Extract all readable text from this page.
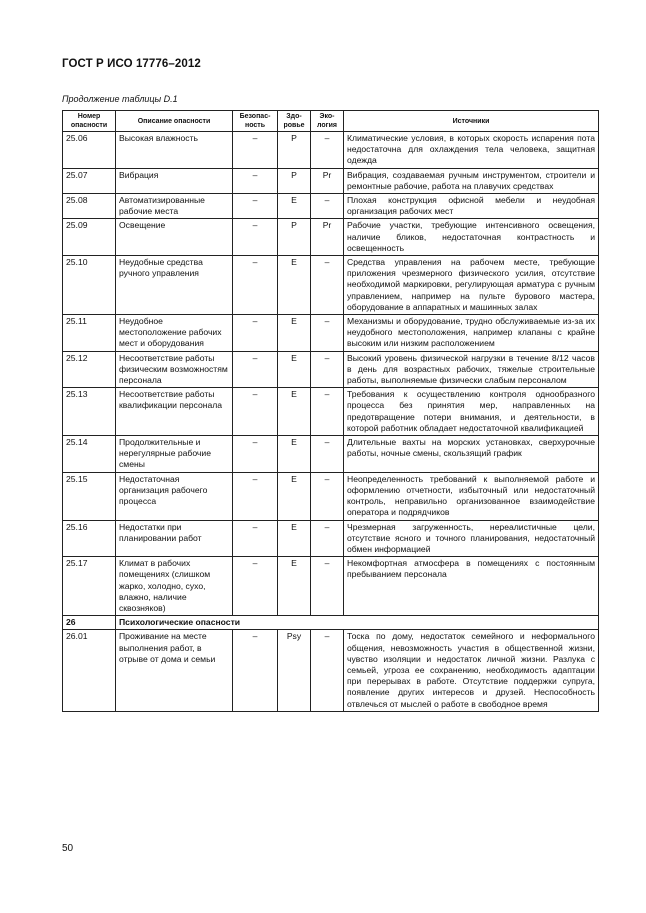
ГОСТ Р ИСО 17776–2012
Продолжение таблицы D.1
Номер опасности	Описание опасности	Безопас-ность	Здо-ровье	Эко-логия	Источники
25.06	Высокая влажность	–	P	–	Климатические условия, в которых скорость испарения пота недостаточна для охлаждения тела человека, защитная одежда
25.07	Вибрация	–	P	Pr	Вибрация, создаваемая ручным инструментом, строители и ремонтные рабочие, работа на плавучих средствах
25.08	Автоматизированные рабочие места	–	E	–	Плохая конструкция офисной мебели и неудобная организация рабочих мест
25.09	Освещение	–	P	Pr	Рабочие участки, требующие интенсивного освещения, наличие бликов, недостаточная контрастность и освещенность
25.10	Неудобные средства ручного управления	–	E	–	Средства управления на рабочем месте, требующие приложения чрезмерного физического усилия, отсутствие необходимой маркировки, регулирующая арматура с ручным управлением, например на пульте бурового мастера, оборудование в аппаратных и машинных залах
25.11	Неудобное местоположение рабочих мест и оборудования	–	E	–	Механизмы и оборудование, трудно обслуживаемые из-за их неудобного местоположения, например клапаны с крайне высоким или низким расположением
25.12	Несоответствие работы физическим возможностям персонала	–	E	–	Высокий уровень физической нагрузки в течение 8/12 часов в день для возрастных рабочих, тяжелые строительные работы, выполняемые физически слабым персоналом
25.13	Несоответствие работы квалификации персонала	–	E	–	Требования к осуществлению контроля однообразного процесса без принятия мер, направленных на предотвращение потери внимания, и деятельности, в которой работник обладает недостаточной квалификацией
25.14	Продолжительные и нерегулярные рабочие смены	–	E	–	Длительные вахты на морских установках, сверхурочные работы, ночные смены, скользящий график
25.15	Недостаточная организация рабочего процесса	–	E	–	Неопределенность требований к выполняемой работе и оформлению отчетности, избыточный или недостаточный контроль, неправильно организованное взаимодействие оператора и подрядчиков
25.16	Недостатки при планировании работ	–	E	–	Чрезмерная загруженность, нереалистичные цели, отсутствие ясного и точного планирования, недостаточный обмен информацией
25.17	Климат в рабочих помещениях (слишком жарко, холодно, сухо, влажно, наличие сквозняков)	–	E	–	Некомфортная атмосфера в помещениях с постоянным пребыванием персонала
26	Психологические опасности				
26.01	Проживание на месте выполнения работ, в отрыве от дома и семьи	–	Psy	–	Тоска по дому, недостаток семейного и неформального общения, невозможность участия в общественной жизни, чувство изоляции и недостаток личной жизни. Разлука с семьей, угроза ее сохранению, необходимость адаптации при перерывах в работе. Отсутствие поддержки супруга, появление других интересов и друзей. Неспособность отвлечься от мыслей о работе в свободное время
50
